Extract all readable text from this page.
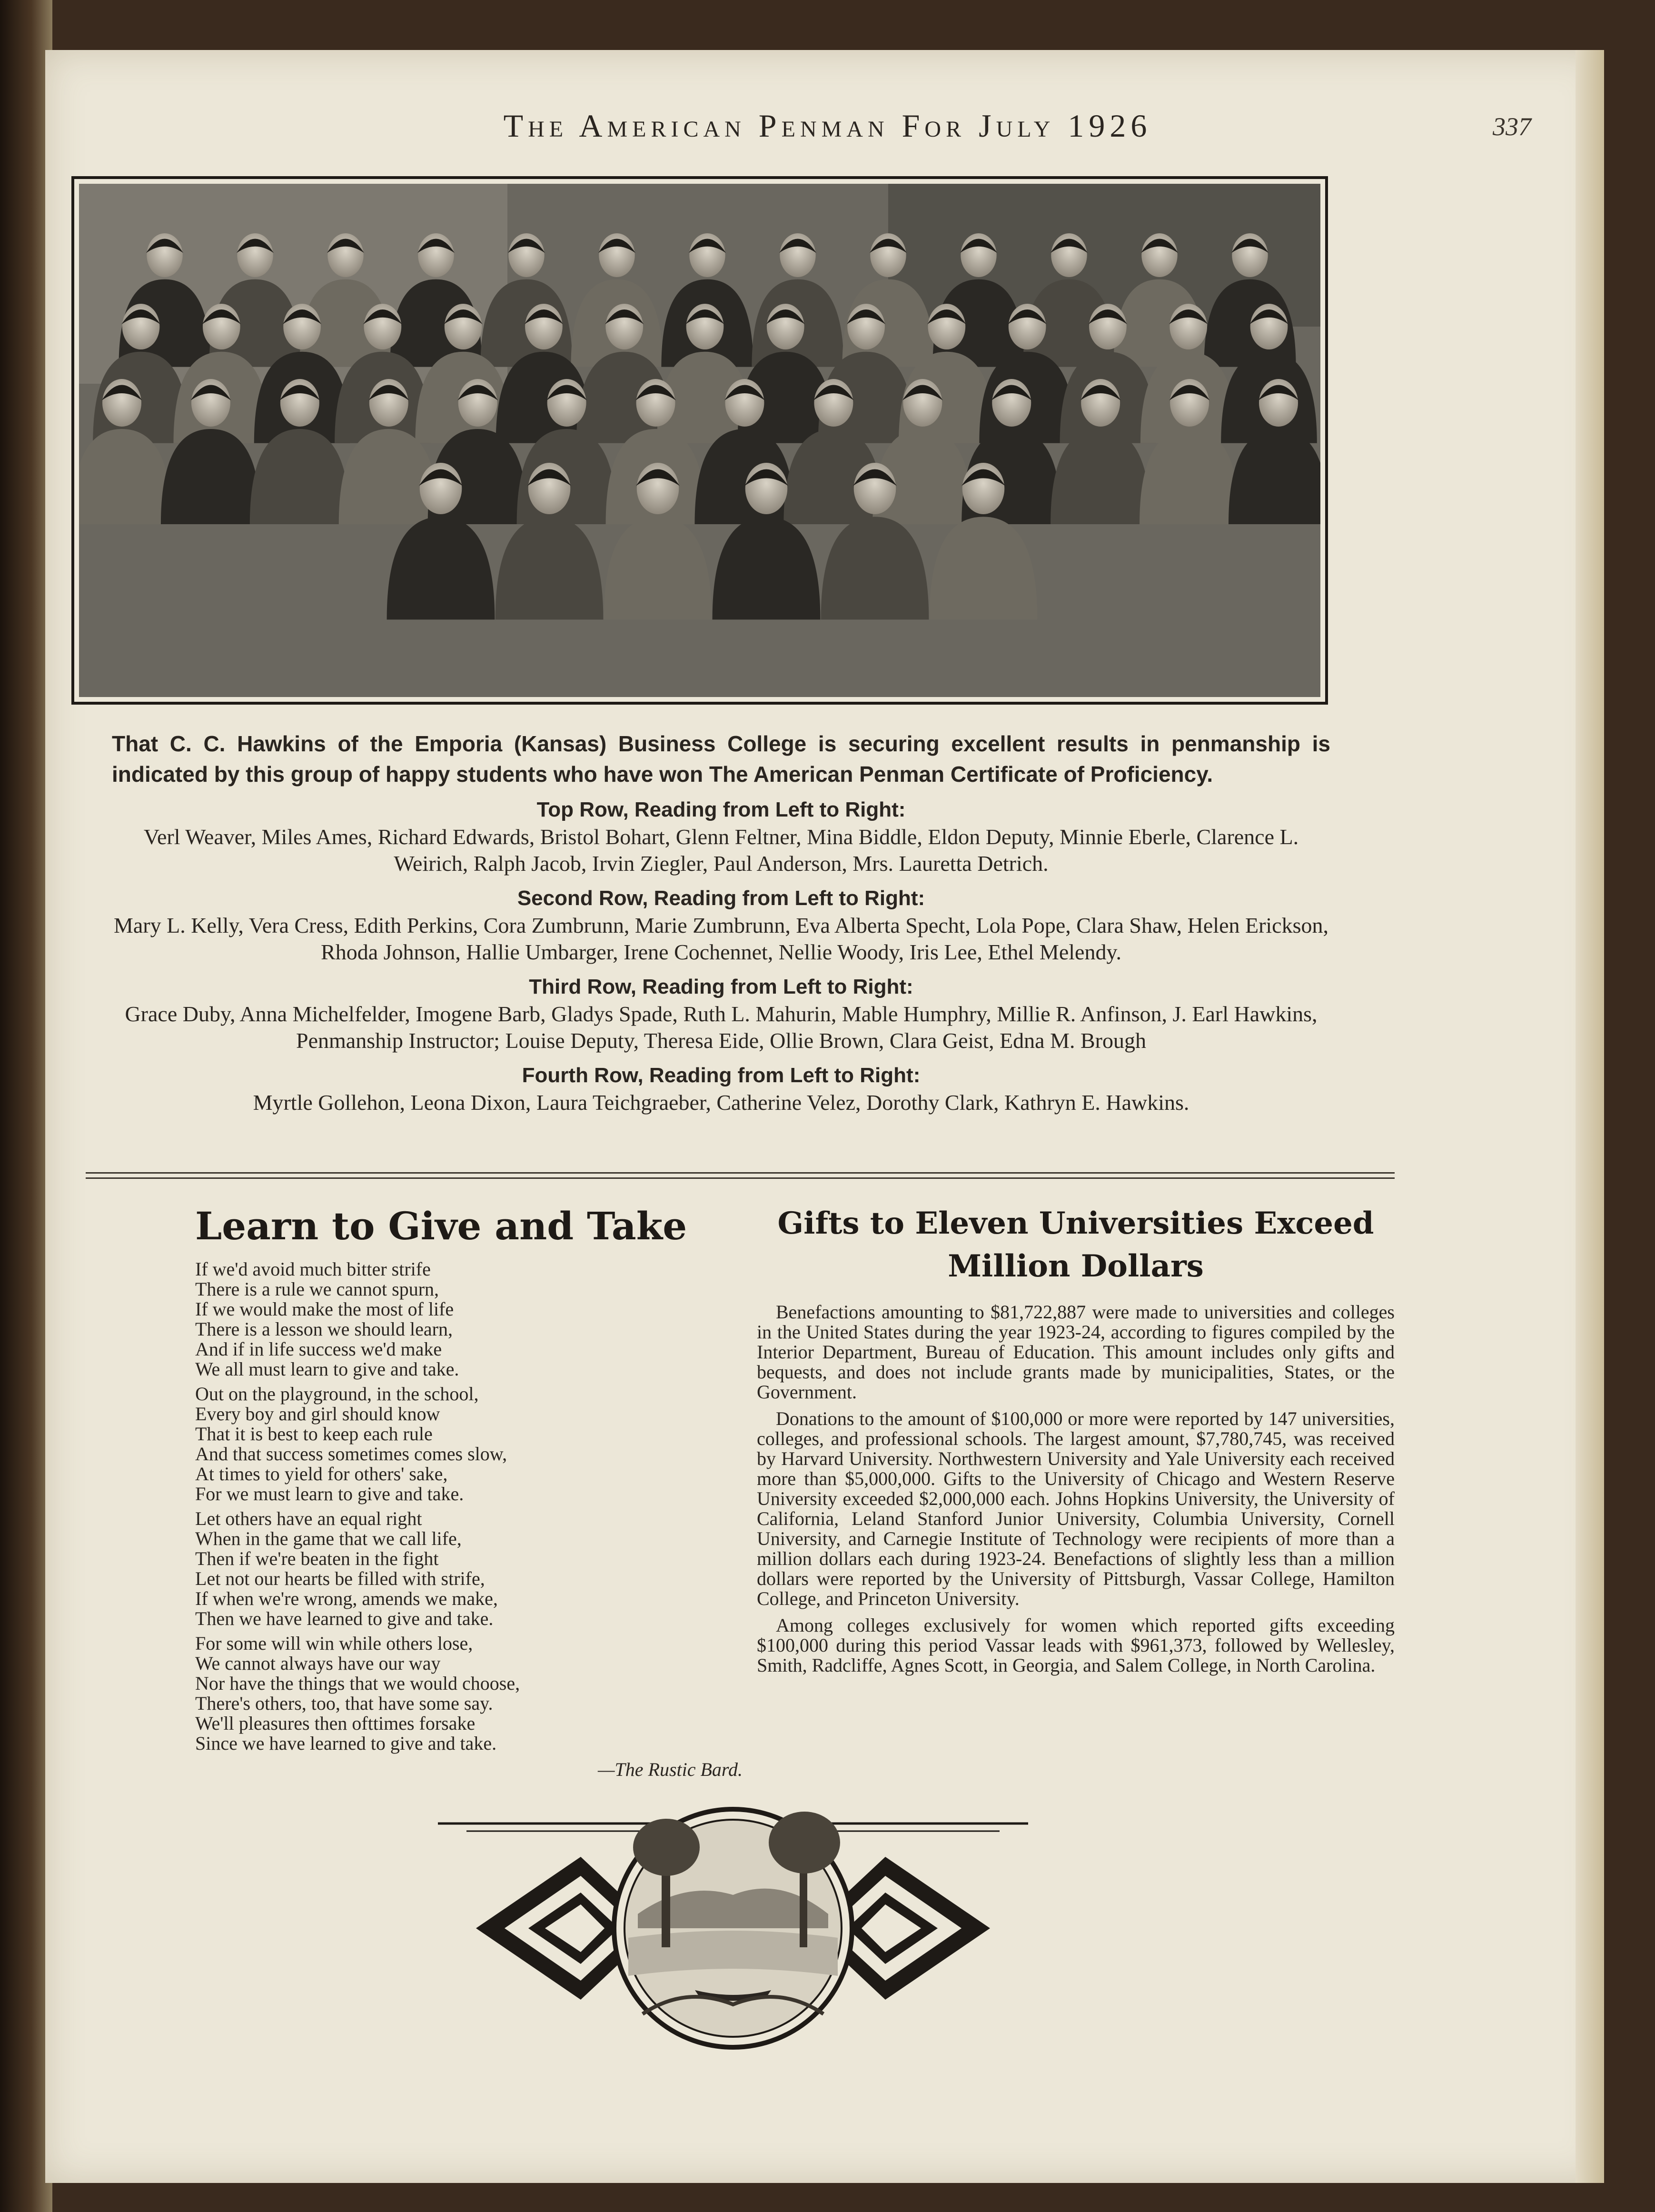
The American Penman For July 1926	337
That C. C. Hawkins of the Emporia (Kansas) Business College is securing excellent results in penmanship is indicated by this group of happy students who have won The American Penman Certificate of Proficiency.
Top Row, Reading from Left to Right:
Verl Weaver, Miles Ames, Richard Edwards, Bristol Bohart, Glenn Feltner, Mina Biddle, Eldon Deputy, Minnie Eberle, Clarence L. Weirich, Ralph Jacob, Irvin Ziegler, Paul Anderson, Mrs. Lauretta Detrich.
Second Row, Reading from Left to Right:
Mary L. Kelly, Vera Cress, Edith Perkins, Cora Zumbrunn, Marie Zumbrunn, Eva Alberta Specht, Lola Pope, Clara Shaw, Helen Erickson, Rhoda Johnson, Hallie Umbarger, Irene Cochennet, Nellie Woody, Iris Lee, Ethel Melendy.
Third Row, Reading from Left to Right:
Grace Duby, Anna Michelfelder, Imogene Barb, Gladys Spade, Ruth L. Mahurin, Mable Humphry, Millie R. Anfinson, J. Earl Hawkins, Penmanship Instructor; Louise Deputy, Theresa Eide, Ollie Brown, Clara Geist, Edna M. Brough
Fourth Row, Reading from Left to Right:
Myrtle Gollehon, Leona Dixon, Laura Teichgraeber, Catherine Velez, Dorothy Clark, Kathryn E. Hawkins.
Learn to Give and Take
If we'd avoid much bitter strife
There is a rule we cannot spurn,
If we would make the most of life
There is a lesson we should learn,
And if in life success we'd make
We all must learn to give and take.
Out on the playground, in the school,
Every boy and girl should know
That it is best to keep each rule
And that success sometimes comes slow,
At times to yield for others' sake,
For we must learn to give and take.
Let others have an equal right
When in the game that we call life,
Then if we're beaten in the fight
Let not our hearts be filled with strife,
If when we're wrong, amends we make,
Then we have learned to give and take.
For some will win while others lose,
We cannot always have our way
Nor have the things that we would choose,
There's others, too, that have some say.
We'll pleasures then ofttimes forsake
Since we have learned to give and take.
—The Rustic Bard.
Gifts to Eleven Universities Exceed Million Dollars

Benefactions amounting to $81,722,887 were made to universities and colleges in the United States during the year 1923-24, according to figures compiled by the Interior Department, Bureau of Education. This amount includes only gifts and bequests, and does not include grants made by municipalities, States, or the Government.

Donations to the amount of $100,000 or more were reported by 147 universities, colleges, and professional schools. The largest amount, $7,780,745, was received by Harvard University. Northwestern University and Yale University each received more than $5,000,000. Gifts to the University of Chicago and Western Reserve University exceeded $2,000,000 each. Johns Hopkins University, the University of California, Leland Stanford Junior University, Columbia University, Cornell University, and Carnegie Institute of Technology were recipients of more than a million dollars each during 1923-24. Benefactions of slightly less than a million dollars were reported by the University of Pittsburgh, Vassar College, Hamilton College, and Princeton University.

Among colleges exclusively for women which reported gifts exceeding $100,000 during this period Vassar leads with $961,373, followed by Wellesley, Smith, Radcliffe, Agnes Scott, in Georgia, and Salem College, in North Carolina.
